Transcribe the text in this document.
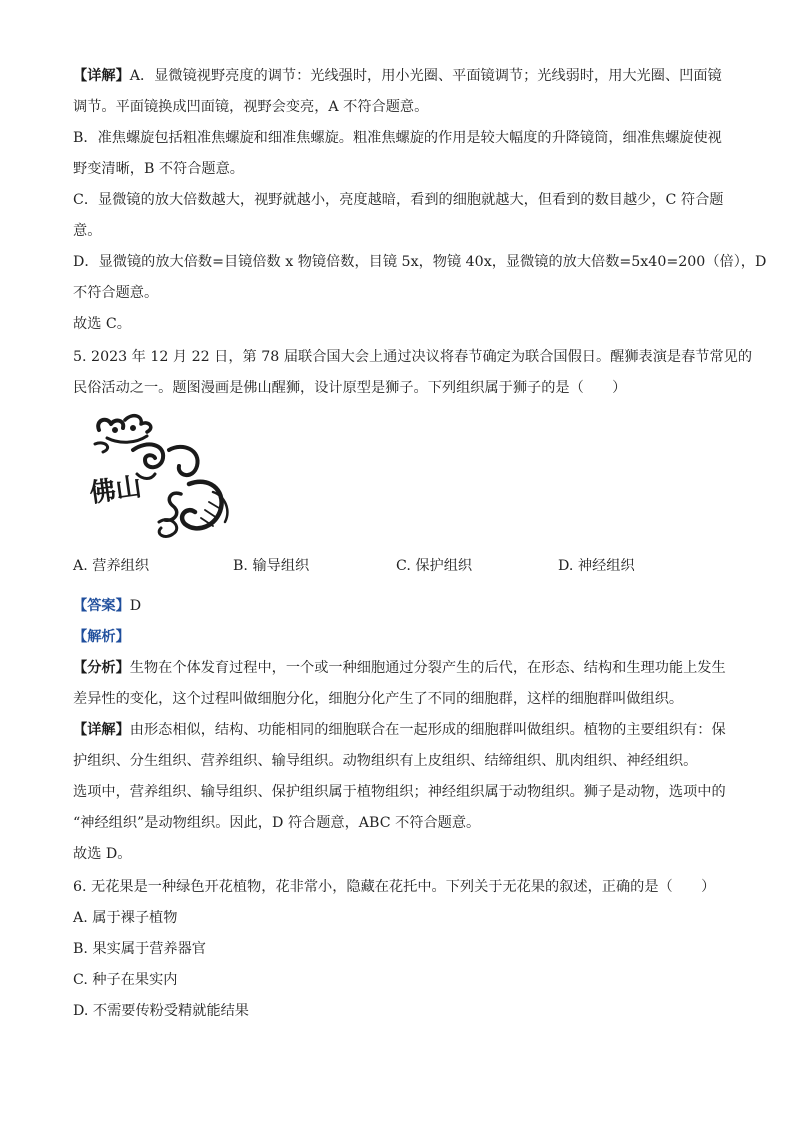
【详解】A．显微镜视野亮度的调节：光线强时，用小光圈、平面镜调节；光线弱时，用大光圈、凹面镜
调节。平面镜换成凹面镜，视野会变亮，A 不符合题意。
B．准焦螺旋包括粗准焦螺旋和细准焦螺旋。粗准焦螺旋的作用是较大幅度的升降镜筒，细准焦螺旋使视
野变清晰，B 不符合题意。
C．显微镜的放大倍数越大，视野就越小，亮度越暗，看到的细胞就越大，但看到的数目越少，C 符合题
意。
D．显微镜的放大倍数=目镜倍数 x 物镜倍数，目镜 5x，物镜 40x，显微镜的放大倍数=5x40=200（倍），D
不符合题意。
故选 C。
5. 2023 年 12 月 22 日，第 78 届联合国大会上通过决议将春节确定为联合国假日。醒狮表演是春节常见的
民俗活动之一。题图漫画是佛山醒狮，设计原型是狮子。下列组织属于狮子的是（　　）
佛山
A. 营养组织	B. 输导组织	C. 保护组织	D. 神经组织
【答案】D
【解析】
【分析】生物在个体发育过程中，一个或一种细胞通过分裂产生的后代，在形态、结构和生理功能上发生
差异性的变化，这个过程叫做细胞分化，细胞分化产生了不同的细胞群，这样的细胞群叫做组织。
【详解】由形态相似，结构、功能相同的细胞联合在一起形成的细胞群叫做组织。植物的主要组织有：保
护组织、分生组织、营养组织、输导组织。动物组织有上皮组织、结缔组织、肌肉组织、神经组织。
选项中，营养组织、输导组织、保护组织属于植物组织；神经组织属于动物组织。狮子是动物，选项中的
“神经组织”是动物组织。因此，D 符合题意，ABC 不符合题意。
故选 D。
6. 无花果是一种绿色开花植物，花非常小，隐藏在花托中。下列关于无花果的叙述，正确的是（　　）
A. 属于裸子植物
B. 果实属于营养器官
C. 种子在果实内
D. 不需要传粉受精就能结果
